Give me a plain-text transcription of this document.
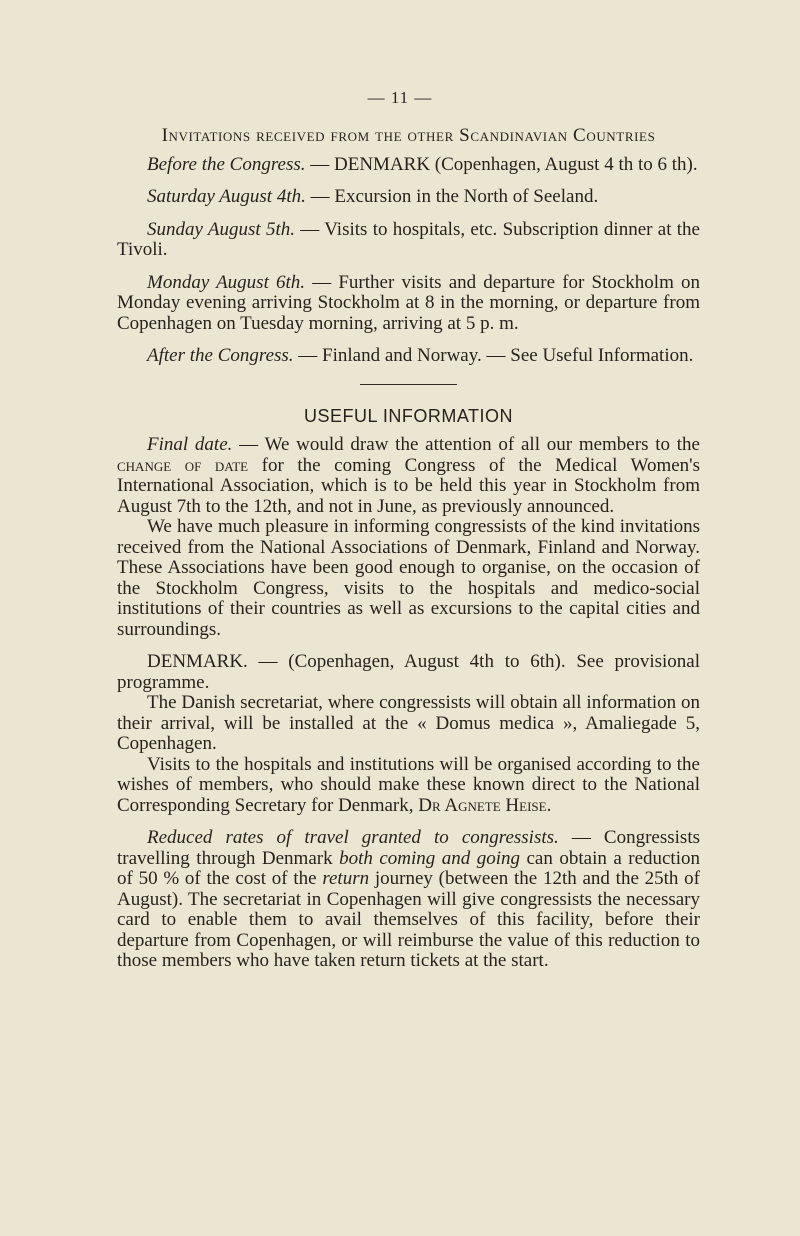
— 11 —
Invitations received from the other Scandinavian Countries

Before the Congress. — DENMARK (Copenhagen, August 4 th to 6 th).

Saturday August 4th. — Excursion in the North of Seeland.

Sunday August 5th. — Visits to hospitals, etc. Subscription dinner at the Tivoli.

Monday August 6th. — Further visits and departure for Stockholm on Monday evening arriving Stockholm at 8 in the morning, or departure from Copenhagen on Tuesday morning, arriving at 5 p. m.

After the Congress. — Finland and Norway. — See Useful Information.

USEFUL INFORMATION

Final date. — We would draw the attention of all our members to the change of date for the coming Congress of the Medical Women's International Association, which is to be held this year in Stockholm from August 7th to the 12th, and not in June, as previously announced.

We have much pleasure in informing congressists of the kind invitations received from the National Associations of Denmark, Finland and Norway. These Associations have been good enough to organise, on the occasion of the Stockholm Congress, visits to the hospitals and medico-social institutions of their countries as well as excursions to the capital cities and surroundings.

DENMARK. — (Copenhagen, August 4th to 6th). See provisional programme.

The Danish secretariat, where congressists will obtain all information on their arrival, will be installed at the « Domus medica », Amaliegade 5, Copenhagen.

Visits to the hospitals and institutions will be organised according to the wishes of members, who should make these known direct to the National Corresponding Secretary for Denmark, Dr Agnete Heise.

Reduced rates of travel granted to congressists. — Congressists travelling through Denmark both coming and going can obtain a reduction of 50 % of the cost of the return journey (between the 12th and the 25th of August). The secretariat in Copenhagen will give congressists the necessary card to enable them to avail themselves of this facility, before their departure from Copenhagen, or will reimburse the value of this reduction to those members who have taken return tickets at the start.
